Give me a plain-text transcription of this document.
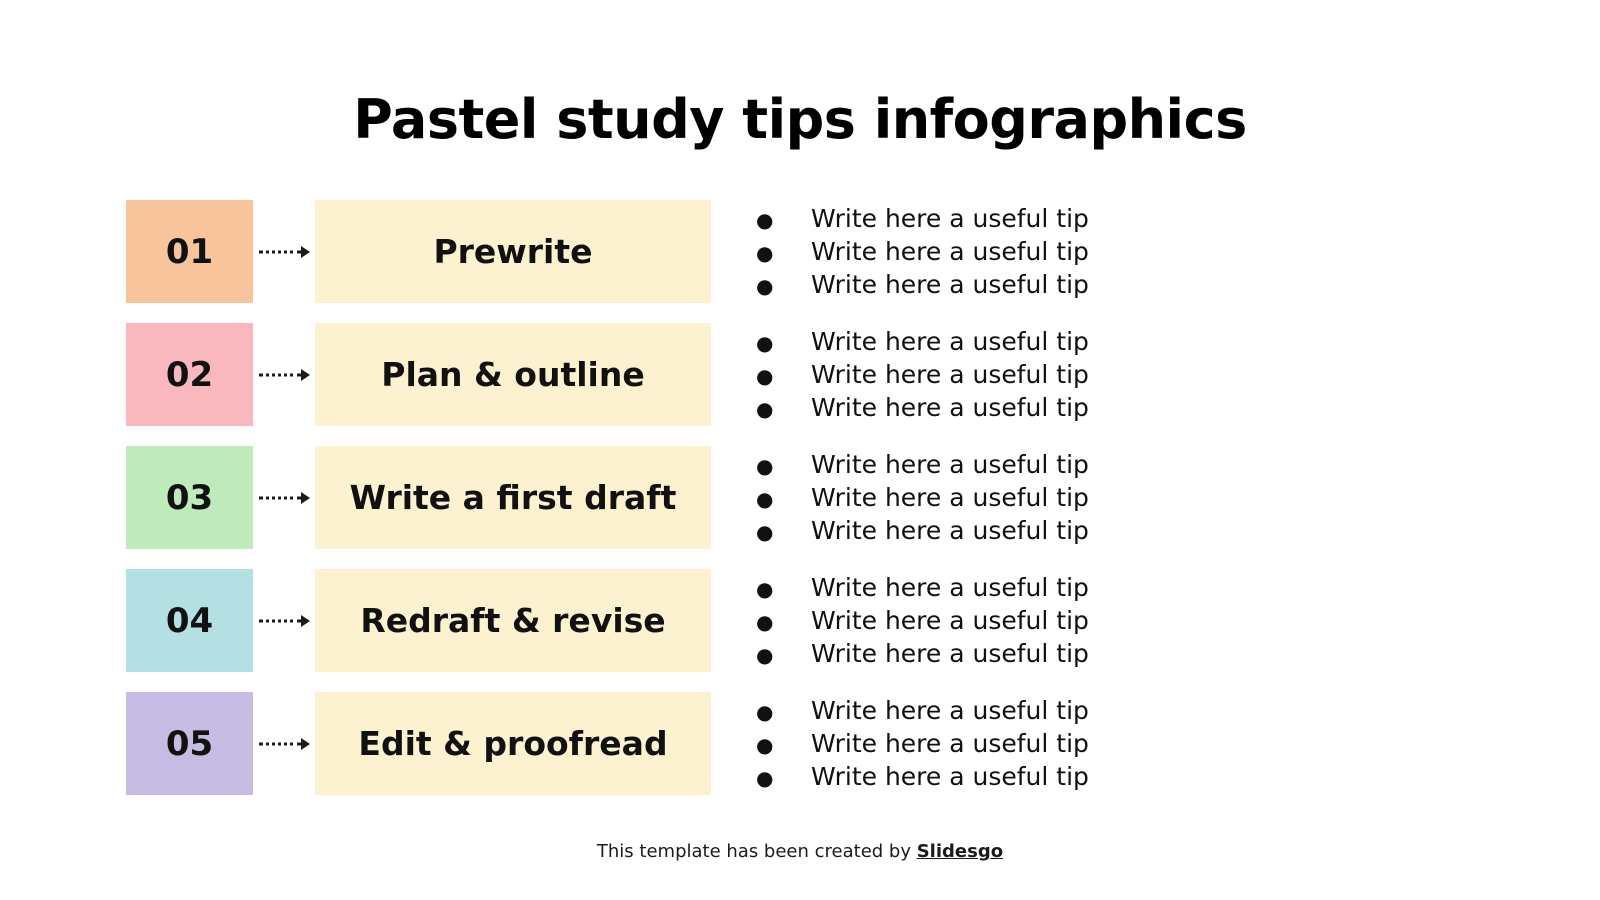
Pastel study tips infographics
01	Prewrite
● Write here a useful tip
● Write here a useful tip
● Write here a useful tip
02	Plan & outline
● Write here a useful tip
● Write here a useful tip
● Write here a useful tip
03	Write a first draft
● Write here a useful tip
● Write here a useful tip
● Write here a useful tip
04	Redraft & revise
● Write here a useful tip
● Write here a useful tip
● Write here a useful tip
05	Edit & proofread
● Write here a useful tip
● Write here a useful tip
● Write here a useful tip
This template has been created by Slidesgo
